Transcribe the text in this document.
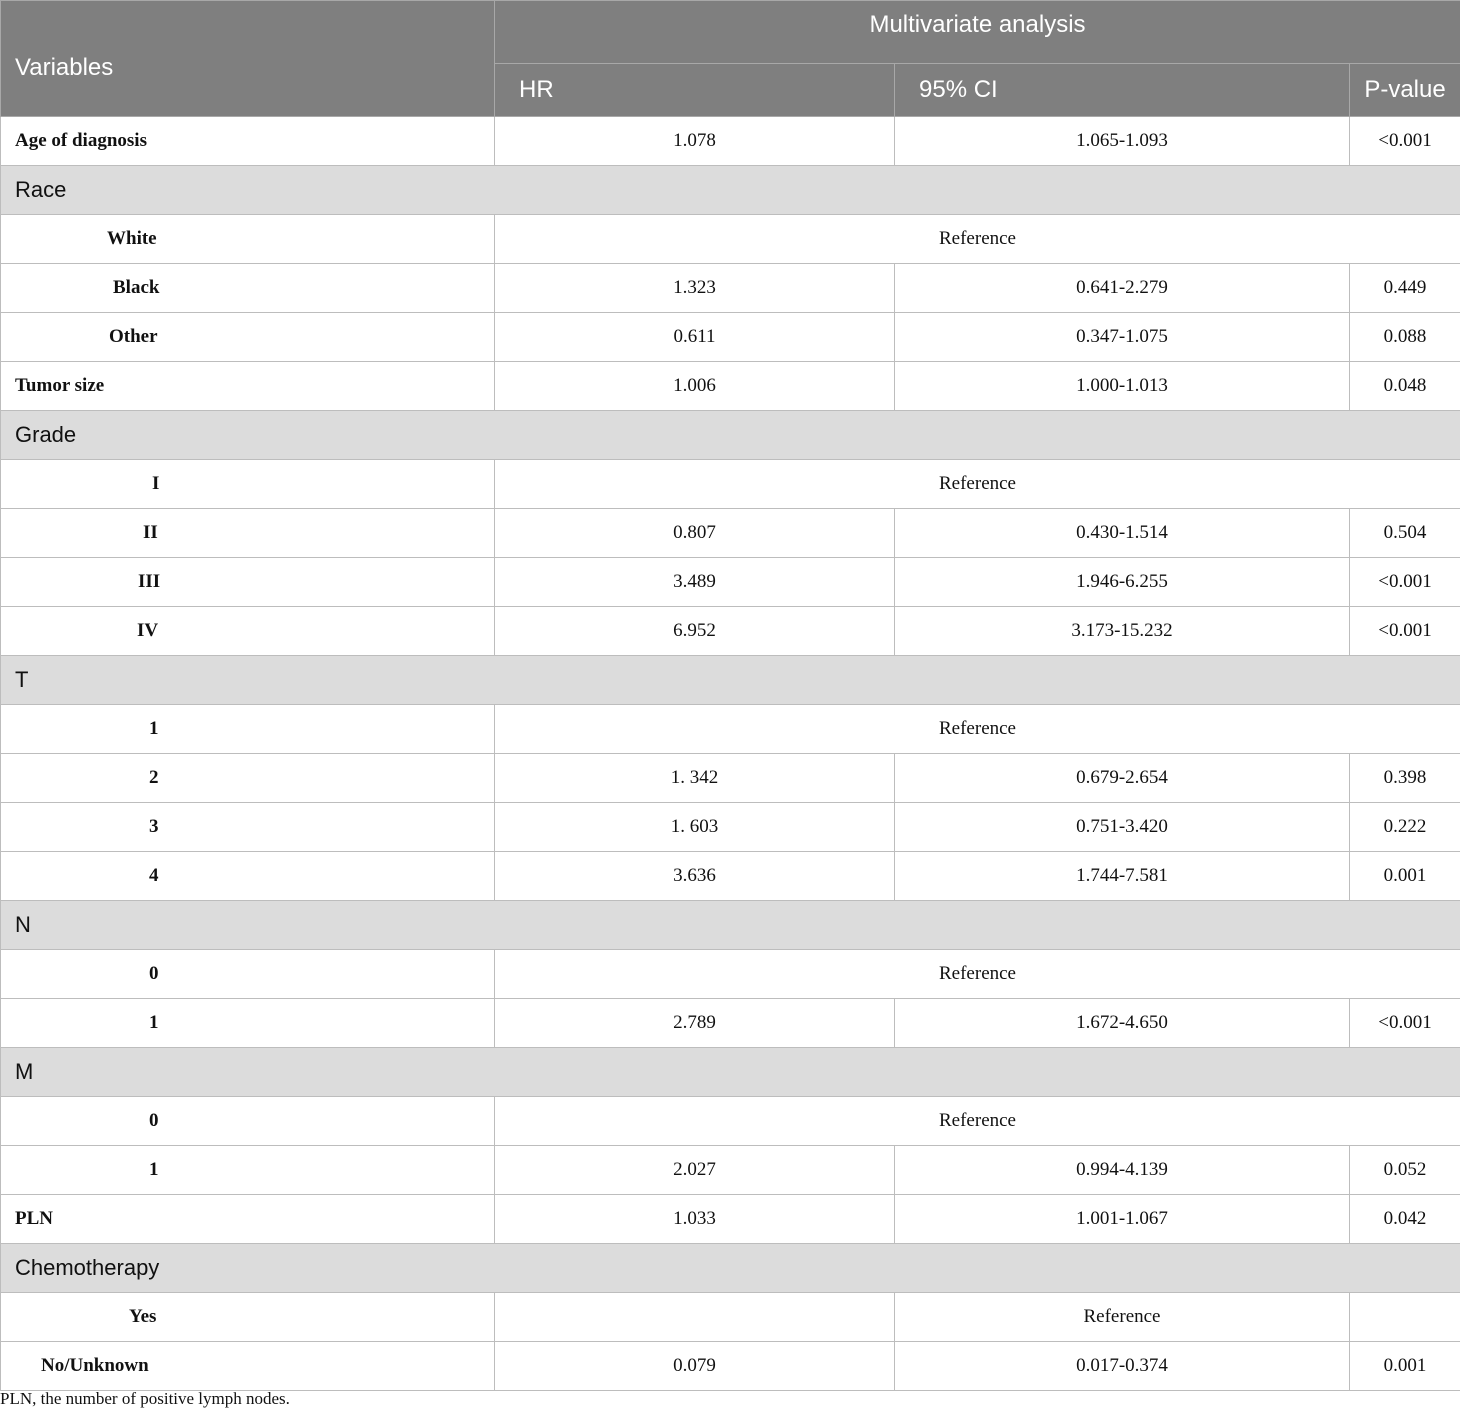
Variables	Multivariate analysis		
	HR	95% CI	P-value
Age of diagnosis	1.078	1.065-1.093	<0.001
Race			
White	Reference		
Black	1.323	0.641-2.279	0.449
Other	0.611	0.347-1.075	0.088
Tumor size	1.006	1.000-1.013	0.048
Grade			
I	Reference		
II	0.807	0.430-1.514	0.504
III	3.489	1.946-6.255	<0.001
IV	6.952	3.173-15.232	<0.001
T			
1	Reference		
2	1. 342	0.679-2.654	0.398
3	1. 603	0.751-3.420	0.222
4	3.636	1.744-7.581	0.001
N			
0	Reference		
1	2.789	1.672-4.650	<0.001
M			
0	Reference		
1	2.027	0.994-4.139	0.052
PLN	1.033	1.001-1.067	0.042
Chemotherapy			
Yes		Reference	
No/Unknown	0.079	0.017-0.374	0.001
PLN, the number of positive lymph nodes.
